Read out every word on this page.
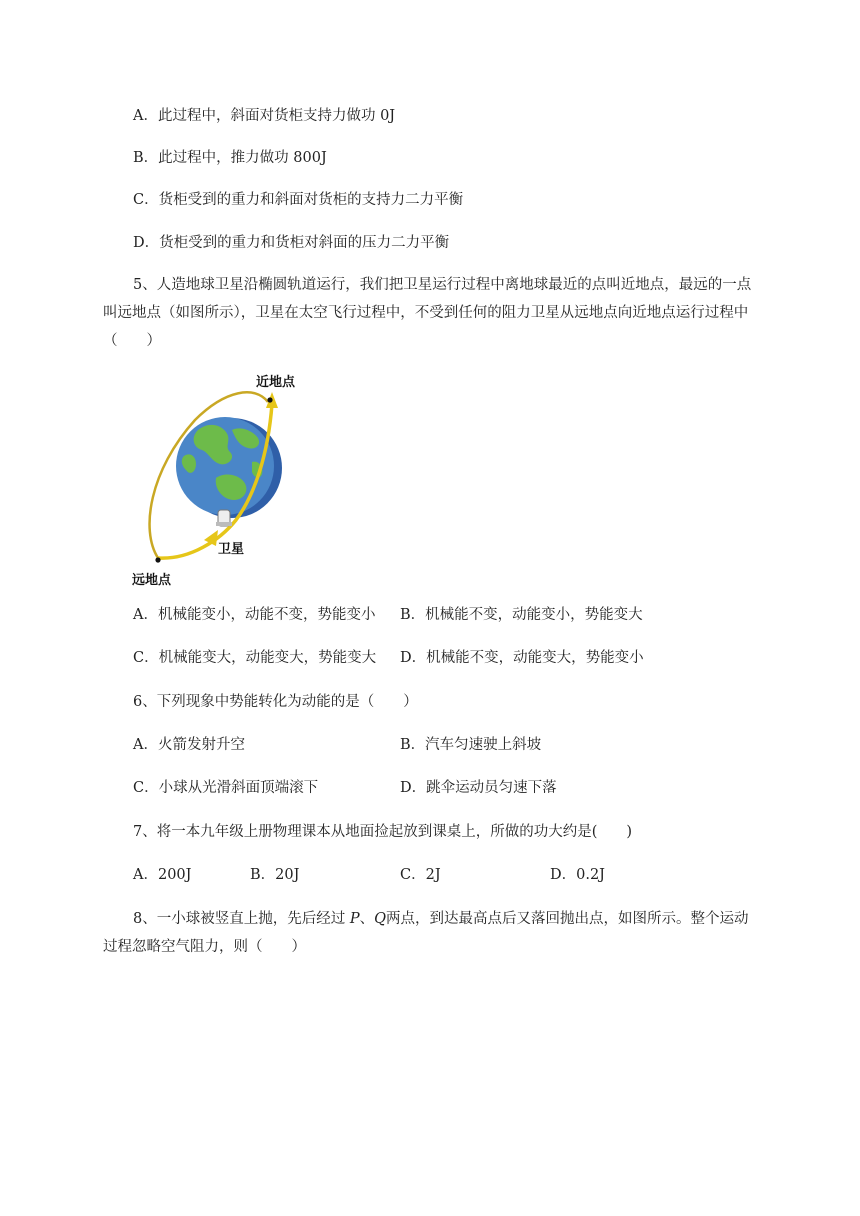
A．此过程中，斜面对货柜支持力做功 0J
B．此过程中，推力做功 800J
C．货柜受到的重力和斜面对货柜的支持力二力平衡
D．货柜受到的重力和货柜对斜面的压力二力平衡
5、人造地球卫星沿椭圆轨道运行，我们把卫星运行过程中离地球最近的点叫近地点，最远的一点
叫远地点（如图所示），卫星在太空飞行过程中，不受到任何的阻力卫星从远地点向近地点运行过程中
（　　）
近地点
卫星
远地点
A．机械能变小，动能不变，势能变小 B．机械能不变，动能变小，势能变大
C．机械能变大，动能变大，势能变大 D．机械能不变，动能变大，势能变小
6、下列现象中势能转化为动能的是（　　）
A．火箭发射升空	B．汽车匀速驶上斜坡
C．小球从光滑斜面顶端滚下	D．跳伞运动员匀速下落
7、将一本九年级上册物理课本从地面捡起放到课桌上，所做的功大约是(　　)
A．200J	B．20J	C．2J	D．0.2J
8、一小球被竖直上抛，先后经过 P、Q两点，到达最高点后又落回抛出点，如图所示。整个运动
过程忽略空气阻力，则（　　）
